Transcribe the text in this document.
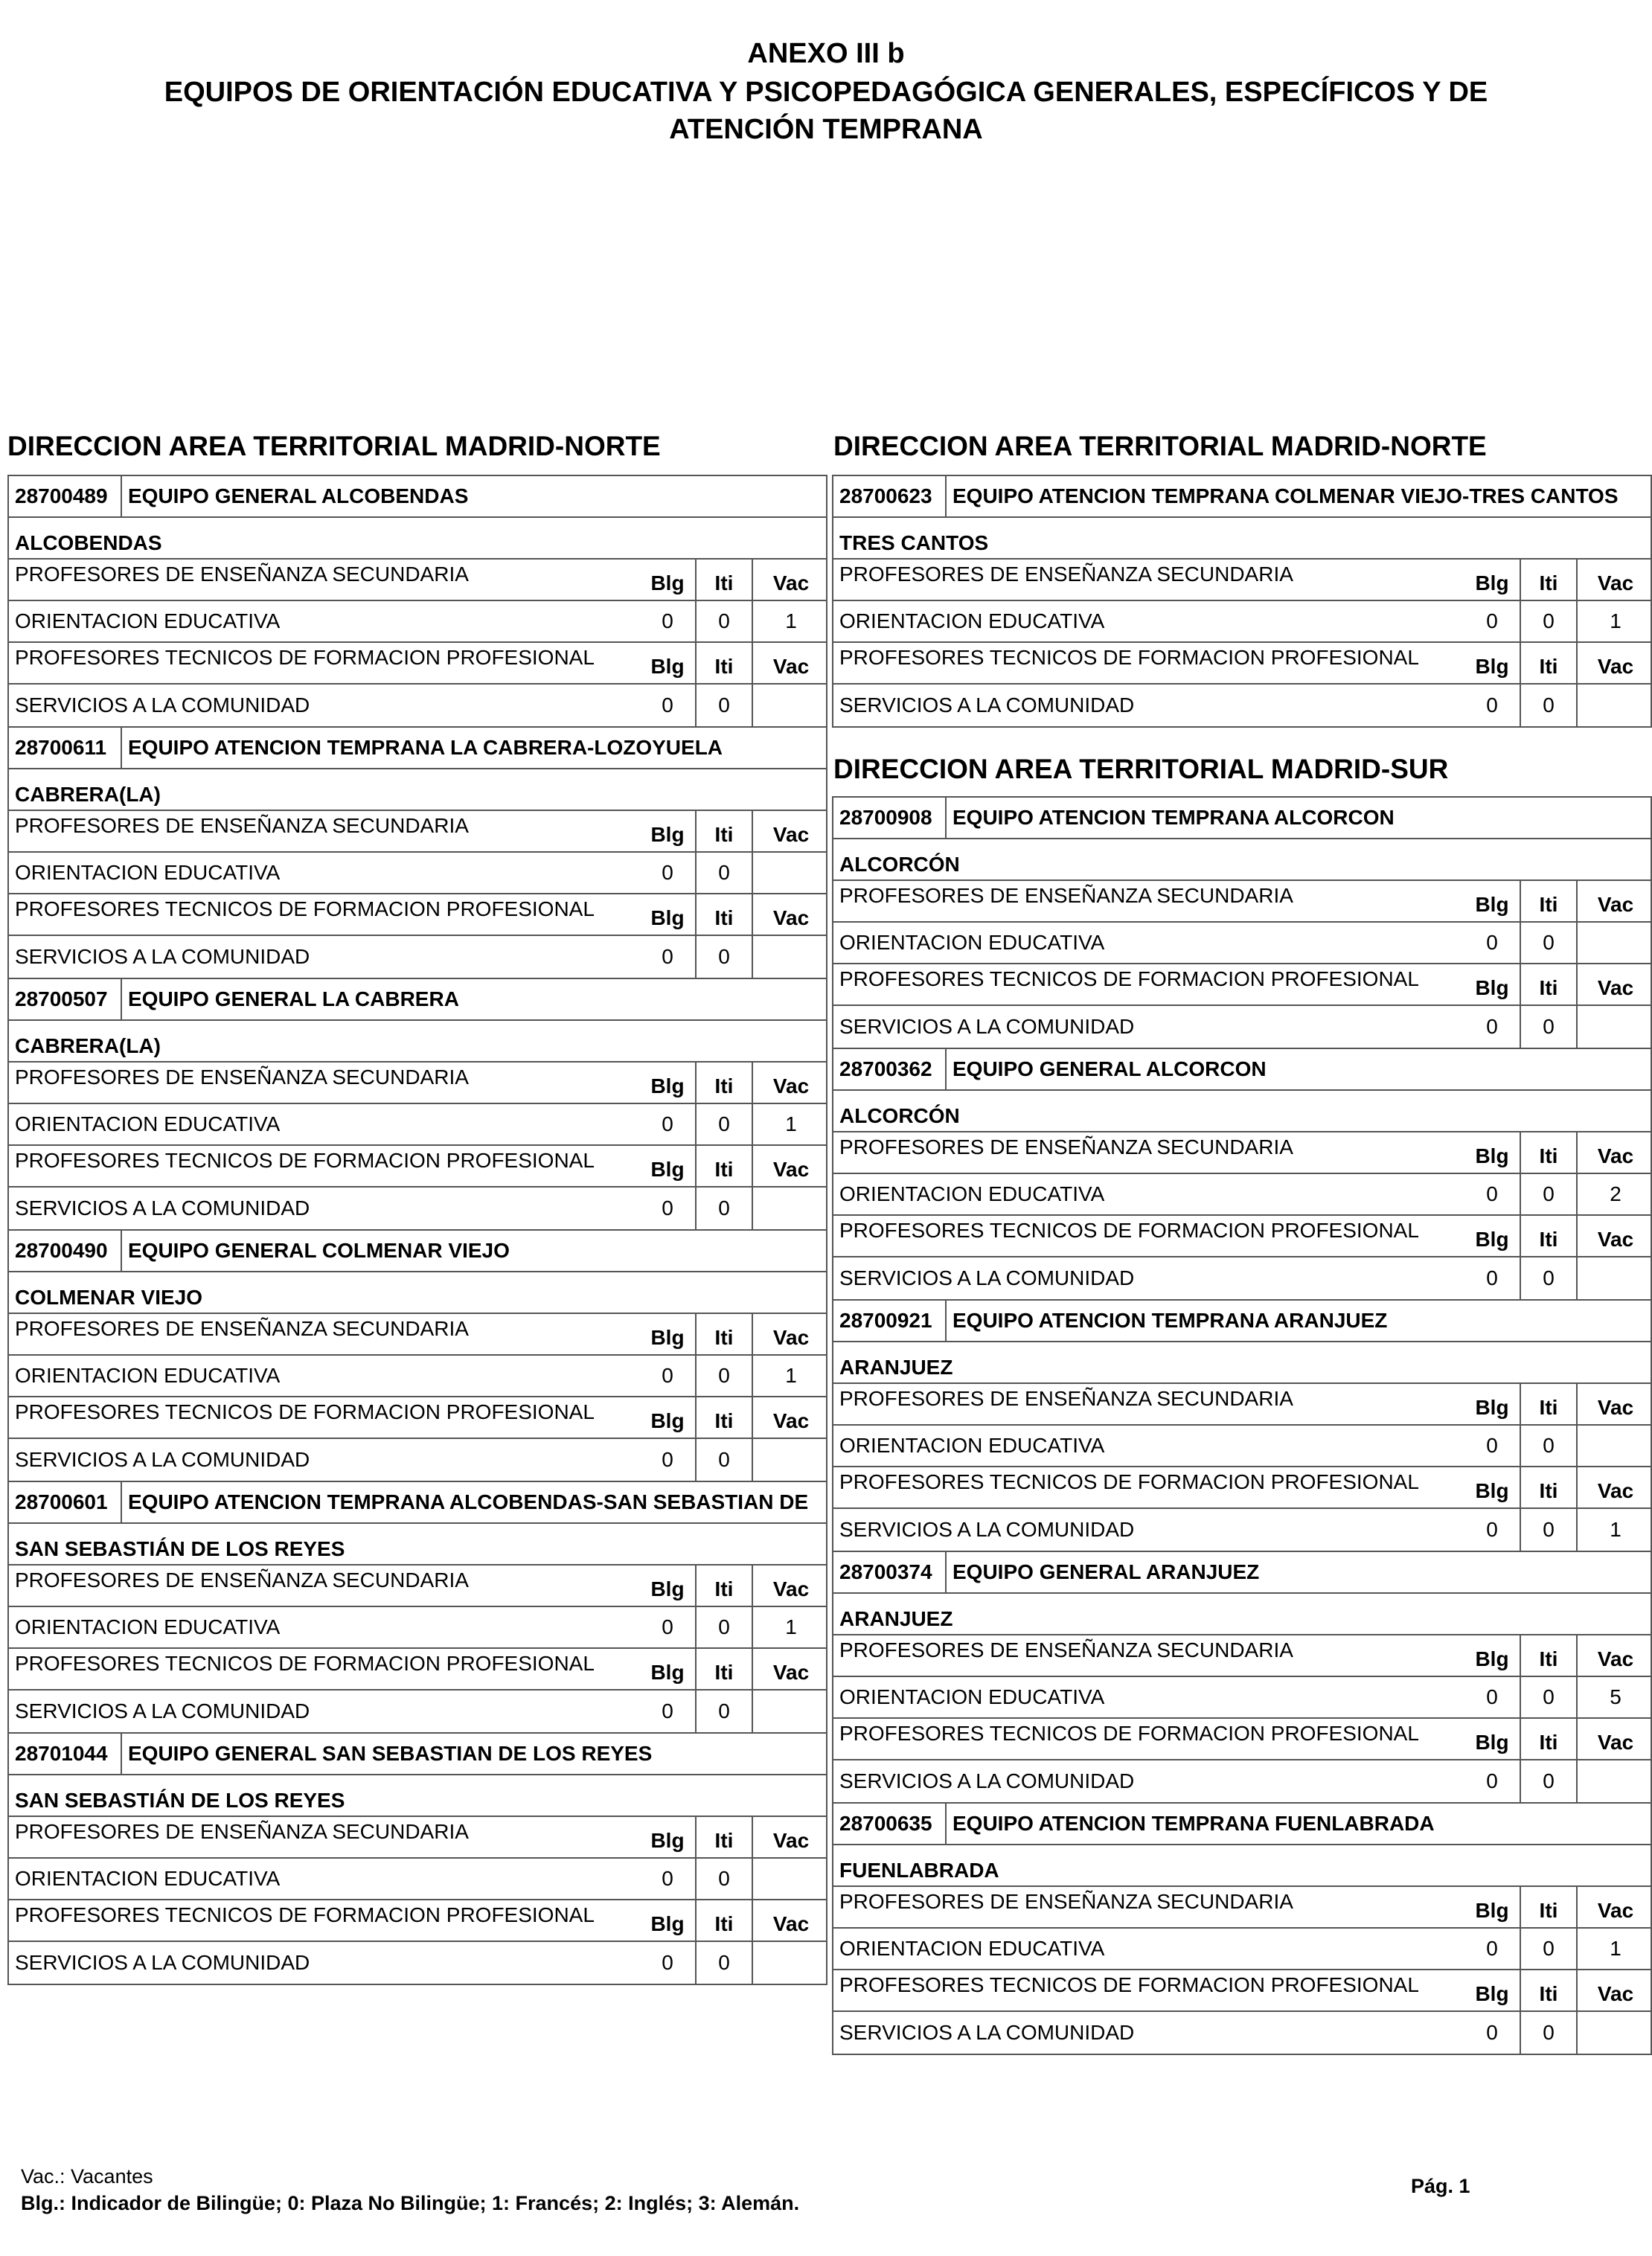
ANEXO III b
EQUIPOS DE ORIENTACIÓN EDUCATIVA Y PSICOPEDAGÓGICA GENERALES, ESPECÍFICOS Y DE
ATENCIÓN TEMPRANA
DIRECCION AREA TERRITORIAL MADRID-NORTE	DIRECCION AREA TERRITORIAL MADRID-NORTE
DIRECCION AREA TERRITORIAL MADRID-SUR
28700489 EQUIPO GENERAL ALCOBENDAS
ALCOBENDAS
PROFESORES DE ENSEÑANZA SECUNDARIA	Blg	Iti	Vac
ORIENTACION EDUCATIVA	0	0	1
PROFESORES TECNICOS DE FORMACION PROFESIONAL	Blg	Iti	Vac
SERVICIOS A LA COMUNIDAD	0	0
28700611	EQUIPO ATENCION TEMPRANA LA CABRERA-LOZOYUELA
CABRERA(LA)
PROFESORES DE ENSEÑANZA SECUNDARIA	Blg	Iti	Vac
ORIENTACION EDUCATIVA	0	0
PROFESORES TECNICOS DE FORMACION PROFESIONAL	Blg	Iti	Vac
SERVICIOS A LA COMUNIDAD	0	0
28700507 EQUIPO GENERAL LA CABRERA
CABRERA(LA)
PROFESORES DE ENSEÑANZA SECUNDARIA	Blg	Iti	Vac
ORIENTACION EDUCATIVA	0	0	1
PROFESORES TECNICOS DE FORMACION PROFESIONAL	Blg	Iti	Vac
SERVICIOS A LA COMUNIDAD	0	0
28700490 EQUIPO GENERAL COLMENAR VIEJO
COLMENAR VIEJO
PROFESORES DE ENSEÑANZA SECUNDARIA	Blg	Iti	Vac
ORIENTACION EDUCATIVA	0	0	1
PROFESORES TECNICOS DE FORMACION PROFESIONAL	Blg	Iti	Vac
SERVICIOS A LA COMUNIDAD	0	0
28700601 EQUIPO ATENCION TEMPRANA ALCOBENDAS-SAN SEBASTIAN DE
SAN SEBASTIÁN DE LOS REYES
PROFESORES DE ENSEÑANZA SECUNDARIA	Blg	Iti	Vac
ORIENTACION EDUCATIVA	0	0	1
PROFESORES TECNICOS DE FORMACION PROFESIONAL	Blg	Iti	Vac
SERVICIOS A LA COMUNIDAD	0	0
28701044 EQUIPO GENERAL SAN SEBASTIAN DE LOS REYES
SAN SEBASTIÁN DE LOS REYES
PROFESORES DE ENSEÑANZA SECUNDARIA	Blg	Iti	Vac
ORIENTACION EDUCATIVA	0	0
PROFESORES TECNICOS DE FORMACION PROFESIONAL	Blg	Iti	Vac
SERVICIOS A LA COMUNIDAD	0	0
28700623 EQUIPO ATENCION TEMPRANA COLMENAR VIEJO-TRES CANTOS
TRES CANTOS
PROFESORES DE ENSEÑANZA SECUNDARIA	Blg	Iti	Vac
ORIENTACION EDUCATIVA	0	0	1
PROFESORES TECNICOS DE FORMACION PROFESIONAL	Blg	Iti	Vac
SERVICIOS A LA COMUNIDAD	0	0
28700908 EQUIPO ATENCION TEMPRANA ALCORCON
ALCORCÓN
PROFESORES DE ENSEÑANZA SECUNDARIA	Blg	Iti	Vac
ORIENTACION EDUCATIVA	0	0
PROFESORES TECNICOS DE FORMACION PROFESIONAL	Blg	Iti	Vac
SERVICIOS A LA COMUNIDAD	0	0
28700362 EQUIPO GENERAL ALCORCON
ALCORCÓN
PROFESORES DE ENSEÑANZA SECUNDARIA	Blg	Iti	Vac
ORIENTACION EDUCATIVA	0	0	2
PROFESORES TECNICOS DE FORMACION PROFESIONAL	Blg	Iti	Vac
SERVICIOS A LA COMUNIDAD	0	0
28700921 EQUIPO ATENCION TEMPRANA ARANJUEZ
ARANJUEZ
PROFESORES DE ENSEÑANZA SECUNDARIA	Blg	Iti	Vac
ORIENTACION EDUCATIVA	0	0
PROFESORES TECNICOS DE FORMACION PROFESIONAL	Blg	Iti	Vac
SERVICIOS A LA COMUNIDAD	0	0	1
28700374 EQUIPO GENERAL ARANJUEZ
ARANJUEZ
PROFESORES DE ENSEÑANZA SECUNDARIA	Blg	Iti	Vac
ORIENTACION EDUCATIVA	0	0	5
PROFESORES TECNICOS DE FORMACION PROFESIONAL	Blg	Iti	Vac
SERVICIOS A LA COMUNIDAD	0	0
28700635 EQUIPO ATENCION TEMPRANA FUENLABRADA
FUENLABRADA
PROFESORES DE ENSEÑANZA SECUNDARIA	Blg	Iti	Vac
ORIENTACION EDUCATIVA	0	0	1
PROFESORES TECNICOS DE FORMACION PROFESIONAL	Blg	Iti	Vac
SERVICIOS A LA COMUNIDAD	0	0
Vac.: Vacantes
Blg.: Indicador de Bilingüe; 0: Plaza No Bilingüe; 1: Francés; 2: Inglés; 3: Alemán.
Pág. 1
